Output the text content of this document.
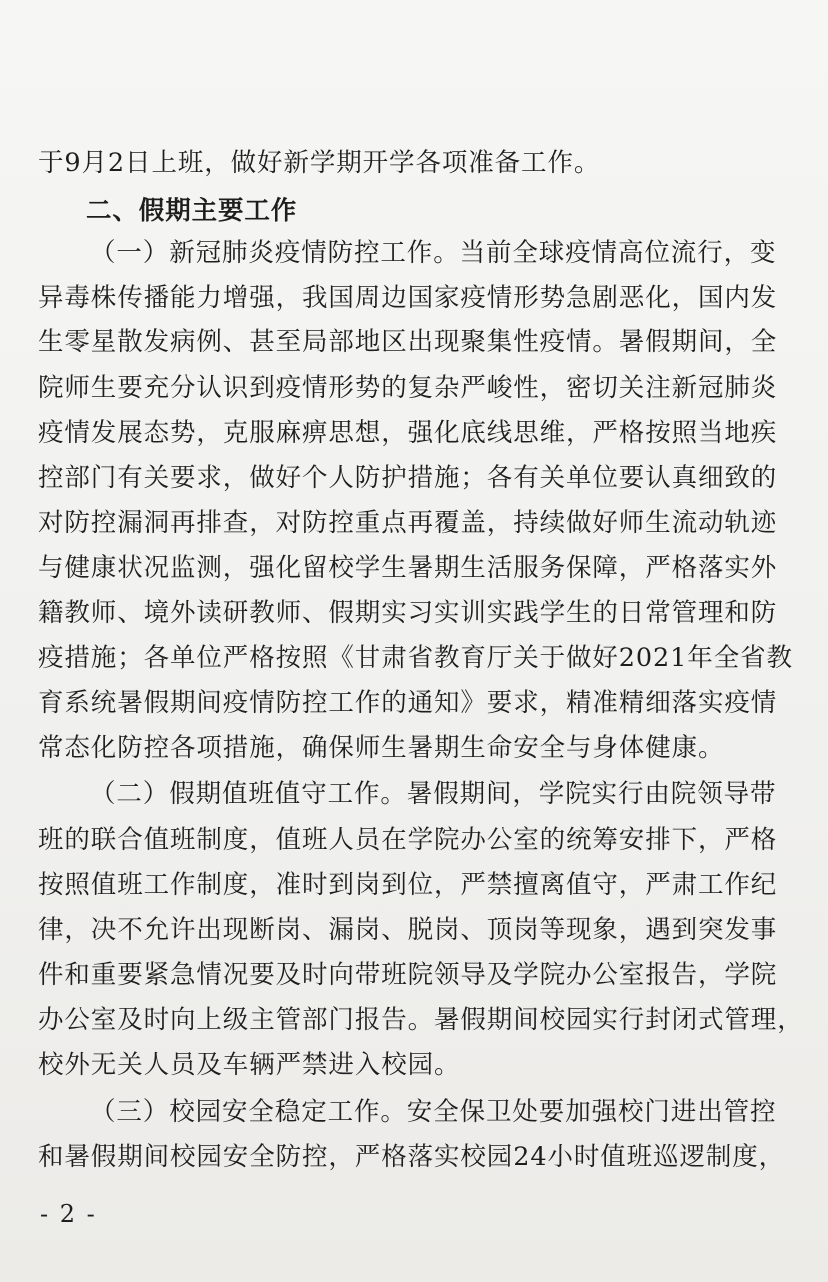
于9月2日上班，做好新学期开学各项准备工作。
二、假期主要工作
（一）新冠肺炎疫情防控工作。当前全球疫情高位流行，变
异毒株传播能力增强，我国周边国家疫情形势急剧恶化，国内发
生零星散发病例、甚至局部地区出现聚集性疫情。暑假期间，全
院师生要充分认识到疫情形势的复杂严峻性，密切关注新冠肺炎
疫情发展态势，克服麻痹思想，强化底线思维，严格按照当地疾
控部门有关要求，做好个人防护措施；各有关单位要认真细致的
对防控漏洞再排查，对防控重点再覆盖，持续做好师生流动轨迹
与健康状况监测，强化留校学生暑期生活服务保障，严格落实外
籍教师、境外读研教师、假期实习实训实践学生的日常管理和防
疫措施；各单位严格按照《甘肃省教育厅关于做好2021年全省教
育系统暑假期间疫情防控工作的通知》要求，精准精细落实疫情
常态化防控各项措施，确保师生暑期生命安全与身体健康。
（二）假期值班值守工作。暑假期间，学院实行由院领导带
班的联合值班制度，值班人员在学院办公室的统筹安排下，严格
按照值班工作制度，准时到岗到位，严禁擅离值守，严肃工作纪
律，决不允许出现断岗、漏岗、脱岗、顶岗等现象，遇到突发事
件和重要紧急情况要及时向带班院领导及学院办公室报告，学院
办公室及时向上级主管部门报告。暑假期间校园实行封闭式管理，
校外无关人员及车辆严禁进入校园。
（三）校园安全稳定工作。安全保卫处要加强校门进出管控
和暑假期间校园安全防控，严格落实校园24小时值班巡逻制度，
- 2 -
